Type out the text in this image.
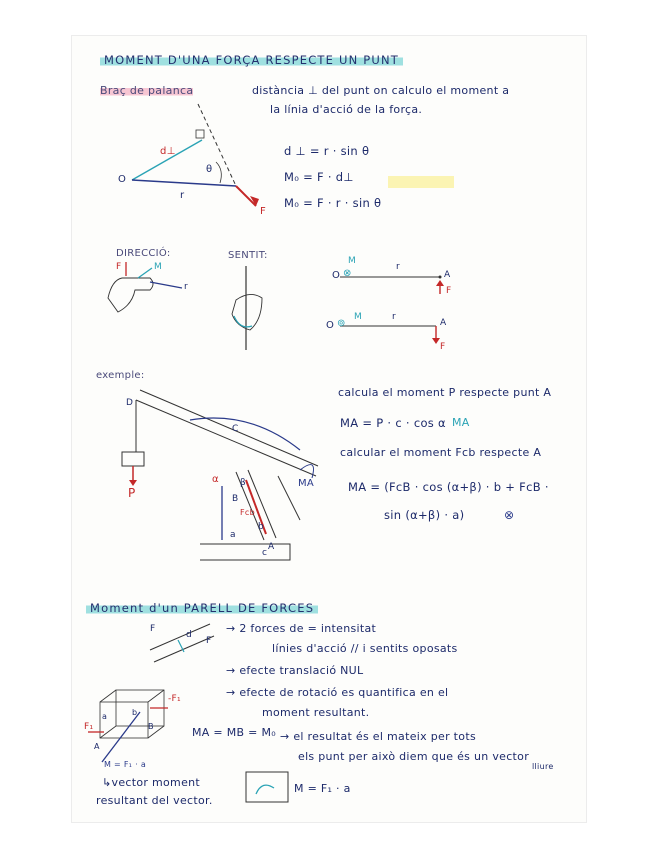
MOMENT D'UNA FORÇA RESPECTE UN PUNT
Braç de palanca	distància ⊥ del punt on calculo el moment a
la línia d'acció de la força.
O
d⊥
θ
r
F
d ⊥ = r · sin θ
M₀ = F · d⊥
M₀ = F · r · sin θ
DIRECCIÓ:
F	M
r
SENTIT:
O ⊗
M
r
A
F
O ⊚
M	r
A
F
exemple:
D
C
P
α β
B
Fcb
A
b
a
c
MA
calcula el moment P respecte punt A
MA = P · c · cos α MA
calcular el moment Fcb respecte A
MA = (FcB · cos (α+β) · b + FcB ·
sin (α+β) · a)	⊗
Moment d'un PARELL DE FORCES
F
F
d	→ 2 forces de = intensitat
línies d'acció // i sentits oposats
→ efecte translació NUL
→ efecte de rotació es quantifica en el
moment resultant.
-F₁
F₁
a	b
A
B
M = F₁ · a
MA = MB = M₀ → el resultat és el mateix per tots
els punt per això diem que és un vector
lliure
↳vector moment
resultant del vector.
M = F₁ · a
